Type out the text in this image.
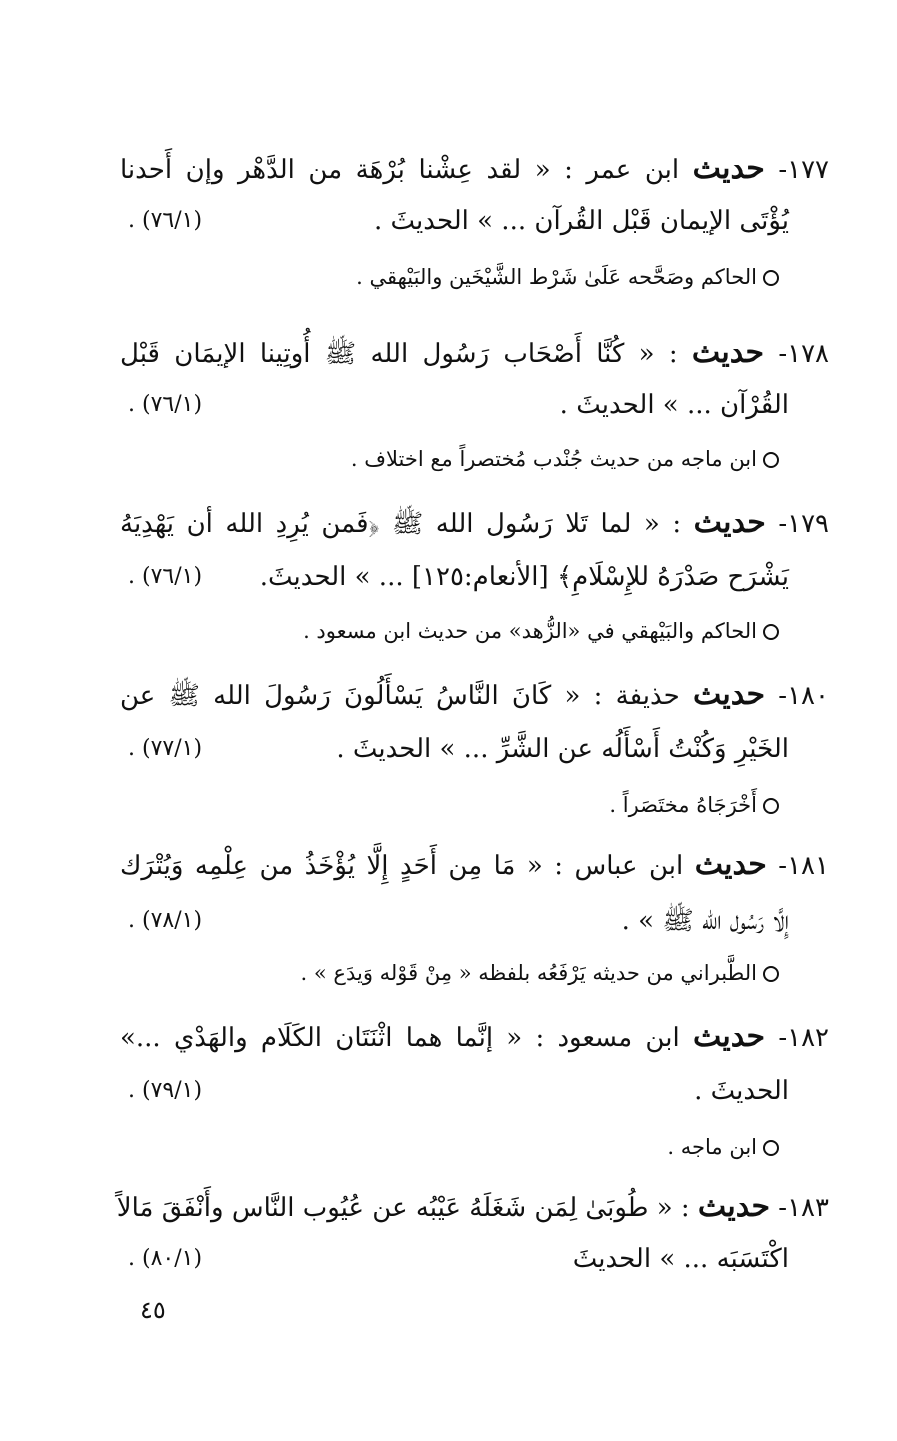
١٧٧- حديث ابن عمر : « لقد عِشْنا بُرْهَة من الدَّهْر وإن أَحدنا
يُؤْتَى الإيمان قَبْل القُرآن ... » الحديثَ .
. (٧٦/١)
الحاكم وصَحَّحه عَلَىٰ شَرْط الشَّيْخَين والبَيْهقي .
١٧٨- حديث : « كُنَّا أَصْحَاب رَسُول الله ﷺ أُوتِينا الإيمَان قَبْل
القُرْآن ... » الحديثَ .
. (٧٦/١)
ابن ماجه من حديث جُنْدب مُختصراً مع اختلاف .
١٧٩- حديث : « لما تَلا رَسُول الله ﷺ ﴿فَمن يُرِدِ الله أن يَهْدِيَهُ
يَشْرَح صَدْرَهُ للإِسْلَامِ﴾ [الأنعام:١٢٥] ... » الحديثَ.
. (٧٦/١)
الحاكم والبَيْهقي في «الزُّهد» من حديث ابن مسعود .
١٨٠- حديث حذيفة : « كَانَ النَّاسُ يَسْأَلُونَ رَسُولَ الله ﷺ عن
الخَيْرِ وَكُنْتُ أَسْأَلُه عن الشَّرِّ ... » الحديثَ .
. (٧٧/١)
أَخْرَجَاهُ مختَصَراً .
١٨١- حديث ابن عباس : « مَا مِن أَحَدٍ إِلَّا يُؤْخَذُ من عِلْمِه وَيُتْرَك
إِلَّا رَسُول الله ﷺ » .
. (٧٨/١)
الطَّبراني من حديثه يَرْفَعُه بلفظه « مِنْ قَوْله وَيدَع » .
١٨٢- حديث ابن مسعود : « إنَّما هما اثْنَتَان الكَلَام والهَدْي ...»
الحديثَ .
. (٧٩/١)
ابن ماجه .
١٨٣- حديث : « طُوبَىٰ لِمَن شَغَلَهُ عَيْبُه عن عُيُوب النَّاس وأَنْفَقَ مَالاً
اكْتَسَبَه ... » الحديثَ
. (٨٠/١)
٤٥
